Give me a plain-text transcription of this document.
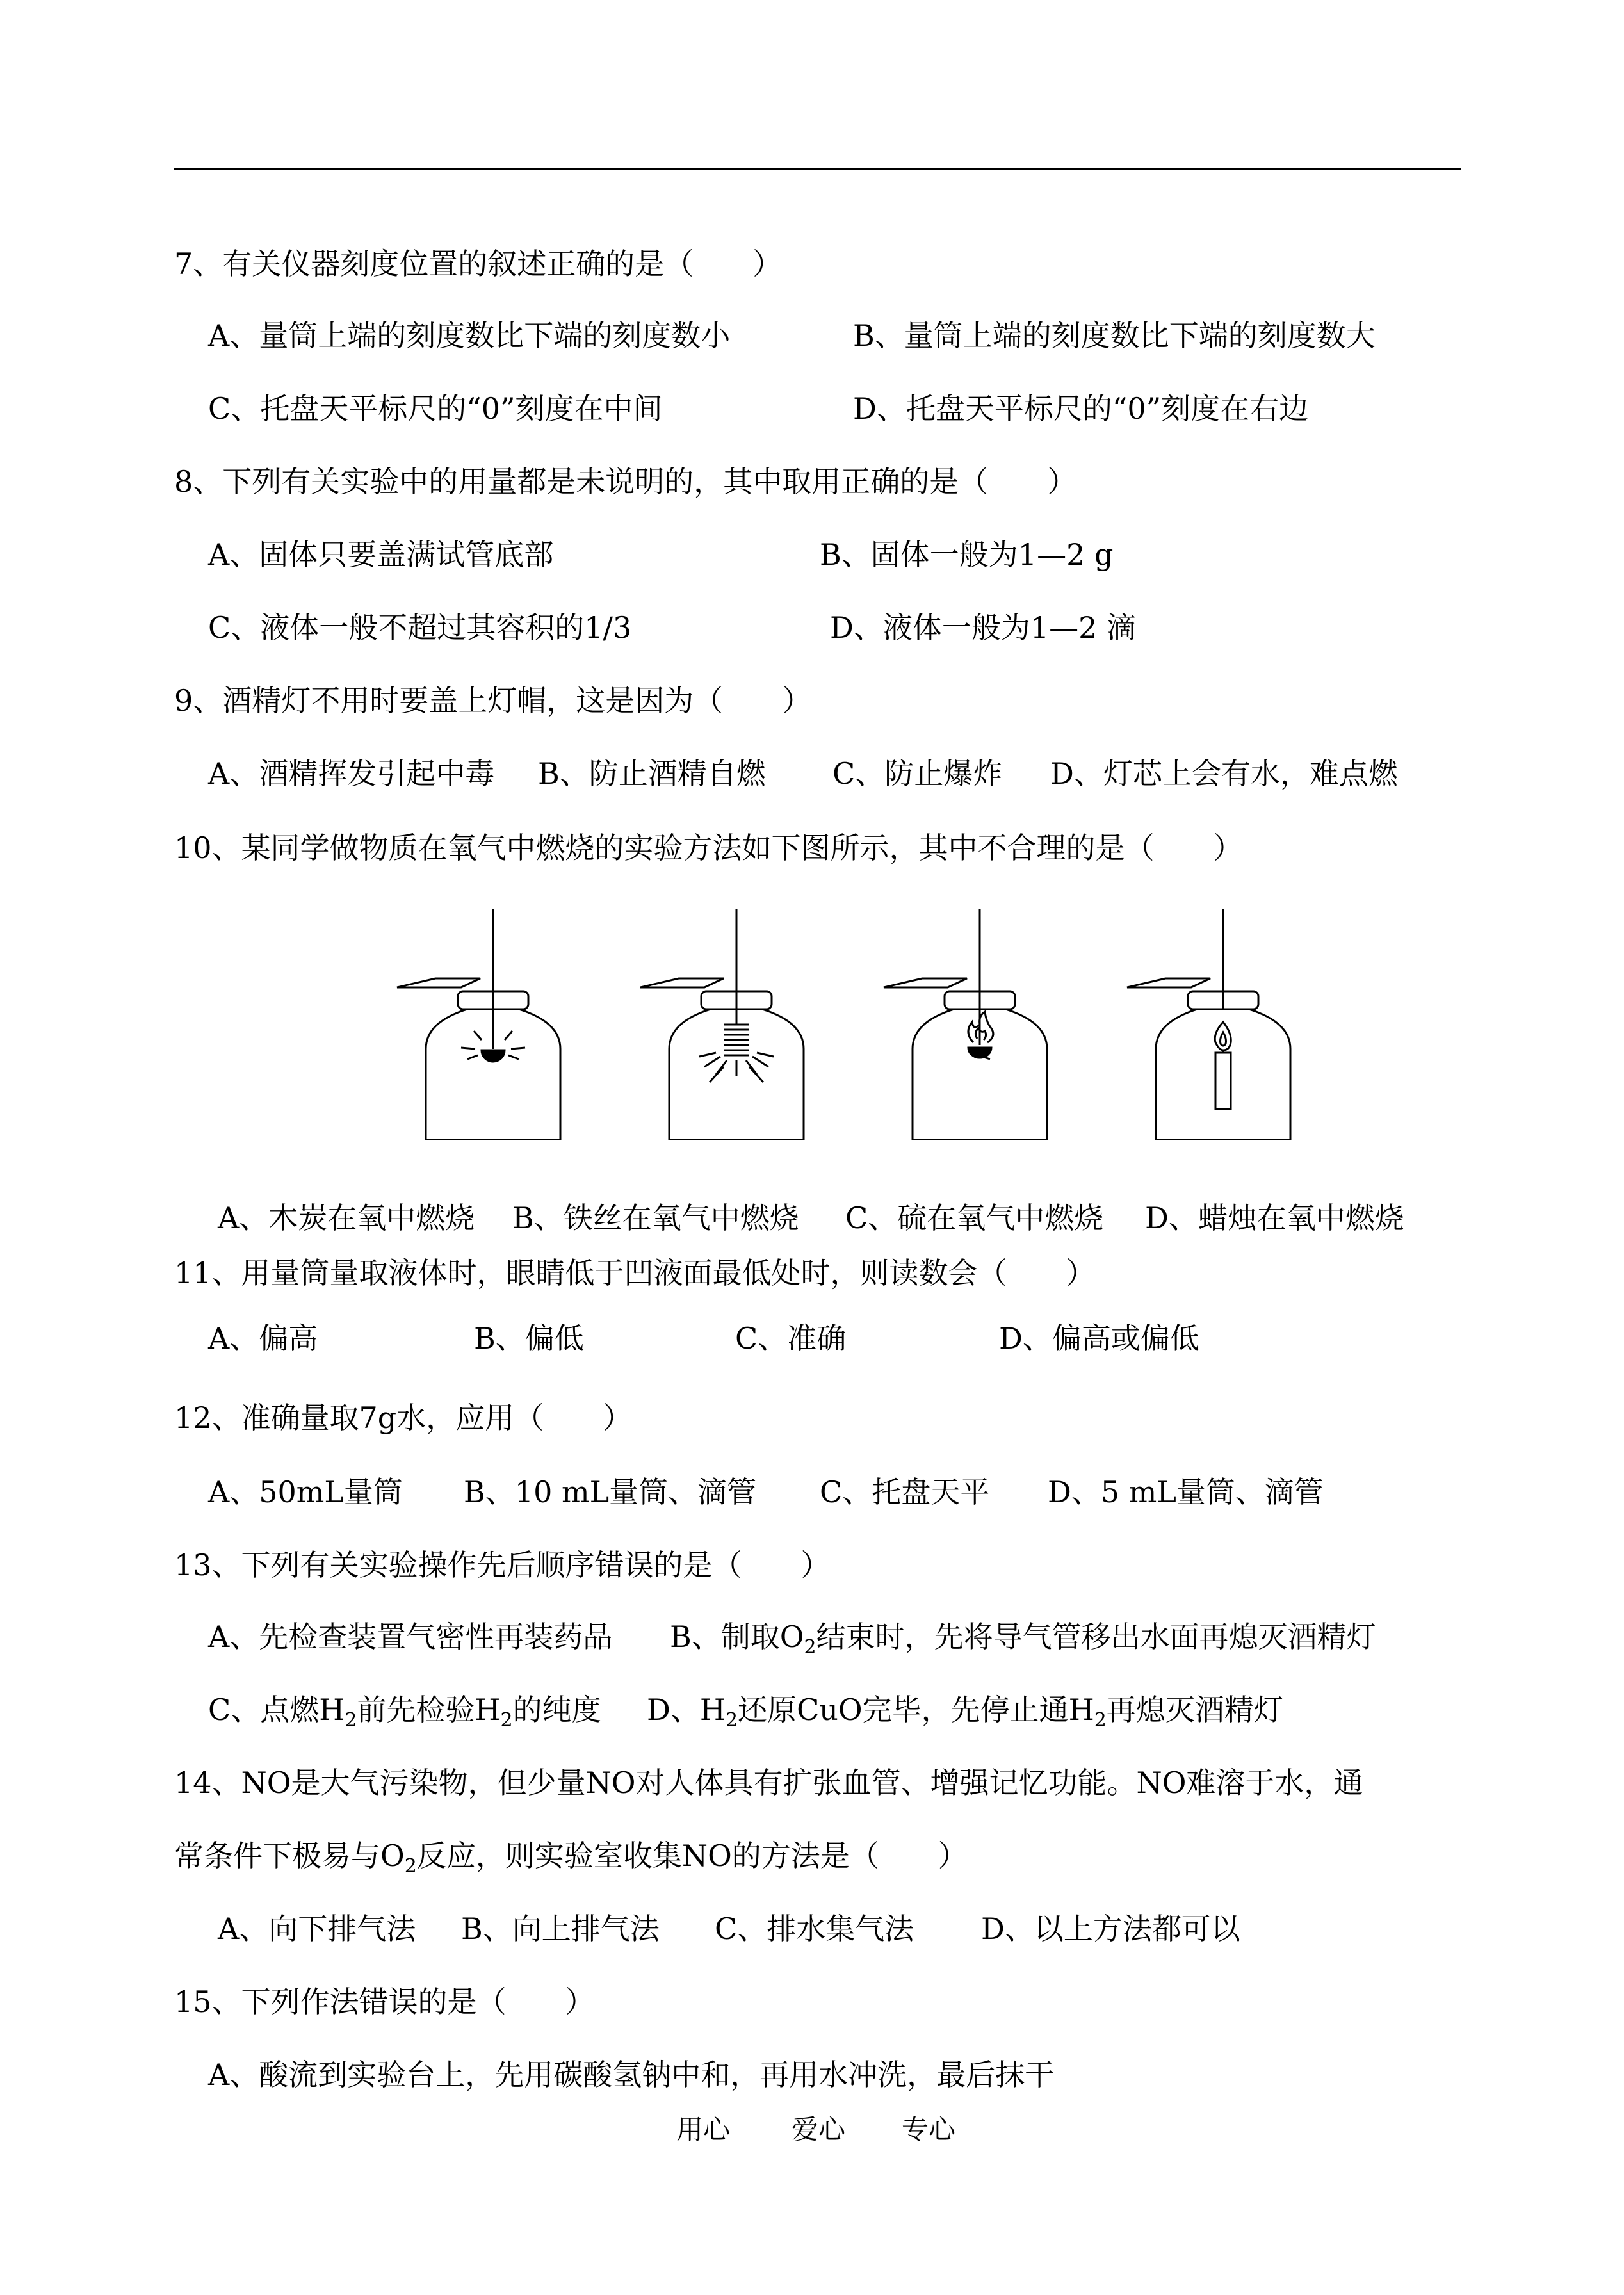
7、有关仪器刻度位置的叙述正确的是（　　）
A、量筒上端的刻度数比下端的刻度数小	B、量筒上端的刻度数比下端的刻度数大
C、托盘天平标尺的“0”刻度在中间	D、托盘天平标尺的“0”刻度在右边
8、下列有关实验中的用量都是未说明的，其中取用正确的是（　　）
A、固体只要盖满试管底部	B、固体一般为1—2 g
C、液体一般不超过其容积的1/3	D、液体一般为1—2 滴
9、酒精灯不用时要盖上灯帽，这是因为（　　）
A、酒精挥发引起中毒 B、防止酒精自燃 C、防止爆炸 D、灯芯上会有水，难点燃
10、某同学做物质在氧气中燃烧的实验方法如下图所示，其中不合理的是（　　）
A、木炭在氧中燃烧 B、铁丝在氧气中燃烧 C、硫在氧气中燃烧 D、蜡烛在氧中燃烧
11、用量筒量取液体时，眼睛低于凹液面最低处时，则读数会（　　）
A、偏高	B、偏低	C、准确	D、偏高或偏低
12、准确量取7g水，应用（　　）
A、50mL量筒 B、10 mL量筒、滴管 C、托盘天平 D、5 mL量筒、滴管
13、下列有关实验操作先后顺序错误的是（　　）
A、先检查装置气密性再装药品 B、制取$O_2$结束时，先将导气管移出水面再熄灭酒精灯
C、点燃$H_2$前先检验$H_2$的纯度 D、$H_2$还原CuO完毕，先停止通$H_2$再熄灭酒精灯
14、NO是大气污染物，但少量NO对人体具有扩张血管、增强记忆功能。NO难溶于水，通
常条件下极易与$O_2$反应，则实验室收集NO的方法是（　　）
A、向下排气法 B、向上排气法 C、排水集气法 D、以上方法都可以
15、下列作法错误的是（　　）
A、酸流到实验台上，先用碳酸氢钠中和，再用水冲洗，最后抹干
用心 爱心 专心
